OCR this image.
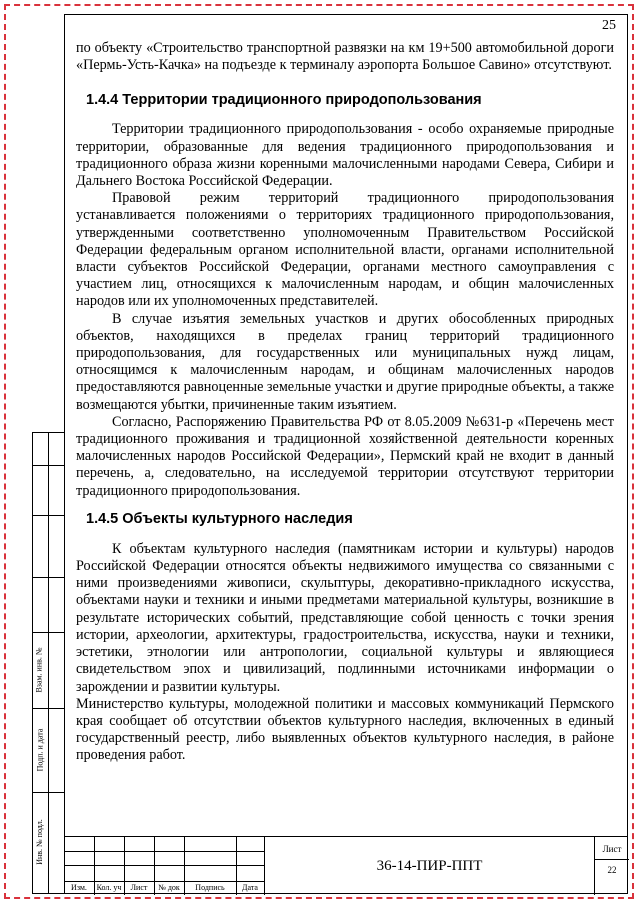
Взам. инв. №
Подп. и дата
Инв. № подл.
25

по объекту «Строительство транспортной развязки на км 19+500 автомобильной дороги «Пермь-Усть-Качка» на подъезде к терминалу аэропорта Большое Савино» отсутствуют.

1.4.4 Территории традиционного природопользования

Территории традиционного природопользования - особо охраняемые природные территории, образованные для ведения традиционного природопользования и традиционного образа жизни коренными малочисленными народами Севера, Сибири и Дальнего Востока Российской Федерации.

Правовой режим территорий традиционного природопользования устанавливается положениями о территориях традиционного природопользования, утвержденными соответственно уполномоченным Правительством Российской Федерации федеральным органом исполнительной власти, органами исполнительной власти субъектов Российской Федерации, органами местного самоуправления с участием лиц, относящихся к малочисленным народам, и общин малочисленных народов или их уполномоченных представителей.

В случае изъятия земельных участков и других обособленных природных объектов, находящихся в пределах границ территорий традиционного природопользования, для государственных или муниципальных нужд лицам, относящимся к малочисленным народам, и общинам малочисленных народов предоставляются равноценные земельные участки и другие природные объекты, а также возмещаются убытки, причиненные таким изъятием.

Согласно, Распоряжению Правительства РФ от 8.05.2009 №631-р «Перечень мест традиционного проживания и традиционной хозяйственной деятельности коренных малочисленных народов Российской Федерации», Пермский край не входит в данный перечень, а, следовательно, на исследуемой территории отсутствуют территории традиционного природопользования.

1.4.5 Объекты культурного наследия

К объектам культурного наследия (памятникам истории и культуры) народов Российской Федерации относятся объекты недвижимого имущества со связанными с ними произведениями живописи, скульптуры, декоративно-прикладного искусства, объектами науки и техники и иными предметами материальной культуры, возникшие в результате исторических событий, представляющие собой ценность с точки зрения истории, археологии, архитектуры, градостроительства, искусства, науки и техники, эстетики, этнологии или антропологии, социальной культуры и являющиеся свидетельством эпох и цивилизаций, подлинными источниками информации о зарождении и развитии культуры.

Министерство культуры, молодежной политики и массовых коммуникаций Пермского края сообщает об отсутствии объектов культурного наследия, включенных в единый государственный реестр, либо выявленных объектов культурного наследия, в районе проведения работ.

Изм.	Кол. уч	Лист	№ док	Подпись	Дата
36-14-ПИР-ППТ
Лист
22
